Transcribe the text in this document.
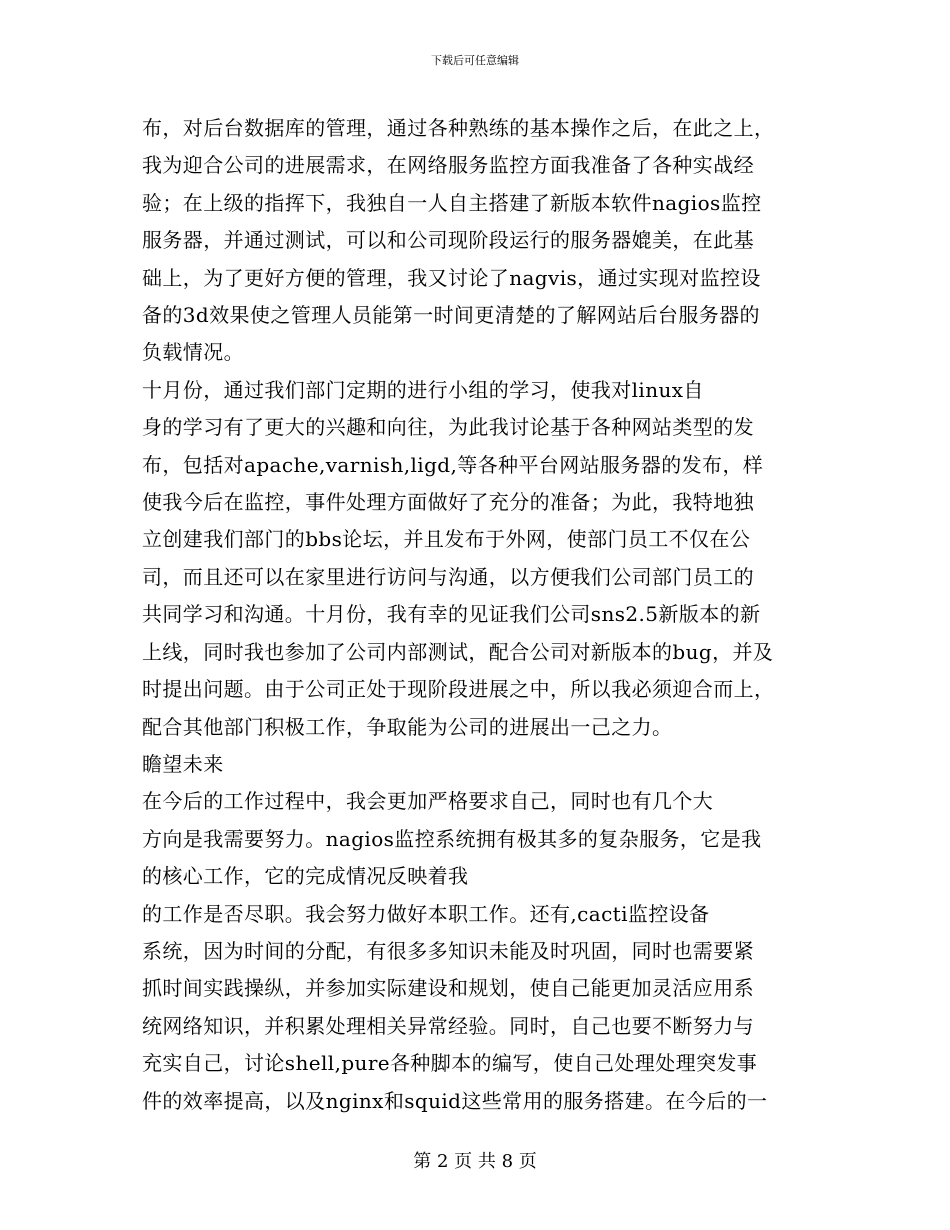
下载后可任意编辑

布，对后台数据库的管理，通过各种熟练的基本操作之后，在此之上，
我为迎合公司的进展需求，在网络服务监控方面我准备了各种实战经
验；在上级的指挥下，我独自一人自主搭建了新版本软件nagios监控
服务器，并通过测试，可以和公司现阶段运行的服务器媲美，在此基
础上，为了更好方便的管理，我又讨论了nagvis，通过实现对监控设
备的3d效果使之管理人员能第一时间更清楚的了解网站后台服务器的
负载情况。

十月份，通过我们部门定期的进行小组的学习，使我对linux自
身的学习有了更大的兴趣和向往，为此我讨论基于各种网站类型的发
布，包括对apache,varnish,ligd,等各种平台网站服务器的发布，样
使我今后在监控，事件处理方面做好了充分的准备；为此，我特地独
立创建我们部门的bbs论坛，并且发布于外网，使部门员工不仅在公
司，而且还可以在家里进行访问与沟通，以方便我们公司部门员工的
共同学习和沟通。十月份，我有幸的见证我们公司sns2.5新版本的新
上线，同时我也参加了公司内部测试，配合公司对新版本的bug，并及
时提出问题。由于公司正处于现阶段进展之中，所以我必须迎合而上，
配合其他部门积极工作，争取能为公司的进展出一己之力。

瞻望未来

在今后的工作过程中，我会更加严格要求自己，同时也有几个大
方向是我需要努力。nagios监控系统拥有极其多的复杂服务，它是我
的核心工作，它的完成情况反映着我

的工作是否尽职。我会努力做好本职工作。还有,cacti监控设备
系统，因为时间的分配，有很多多知识未能及时巩固，同时也需要紧
抓时间实践操纵，并参加实际建设和规划，使自己能更加灵活应用系
统网络知识，并积累处理相关异常经验。同时，自己也要不断努力与
充实自己，讨论shell,pure各种脚本的编写，使自己处理处理突发事
件的效率提高，以及nginx和squid这些常用的服务搭建。在今后的一

第 2 页 共 8 页
